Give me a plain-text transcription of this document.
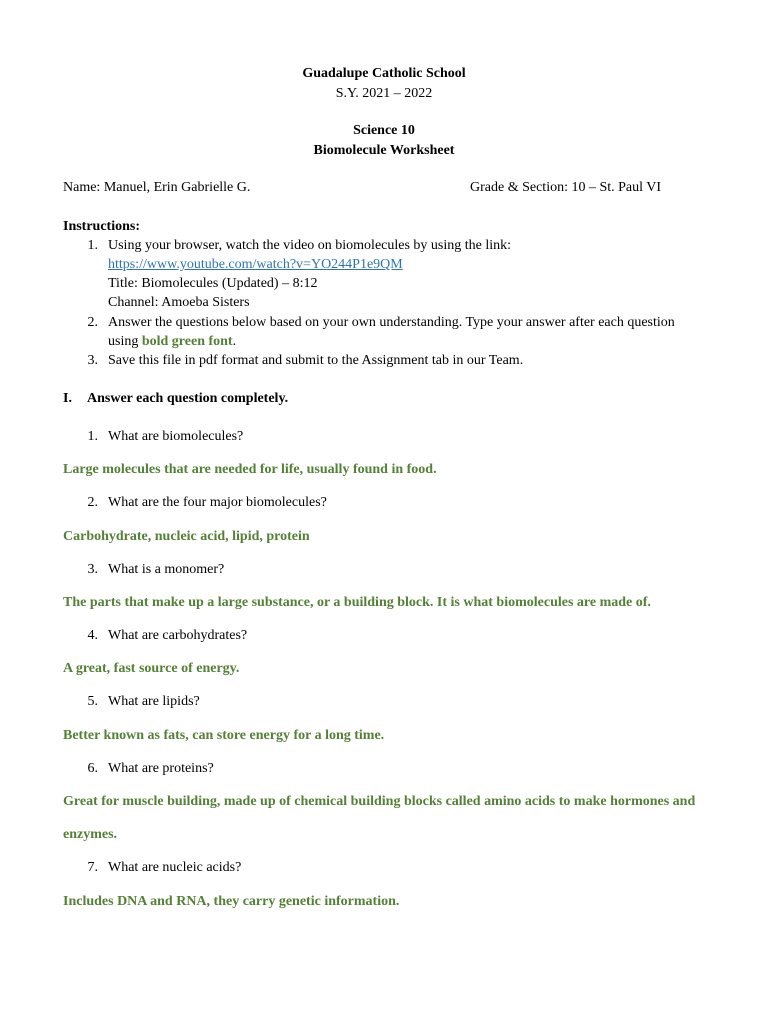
Guadalupe Catholic School
S.Y. 2021 – 2022
Science 10
Biomolecule Worksheet
Name: Manuel, Erin Gabrielle G.	Grade & Section: 10 – St. Paul VI
Instructions:
1. Using your browser, watch the video on biomolecules by using the link:
https://www.youtube.com/watch?v=YO244P1e9QM
Title: Biomolecules (Updated) – 8:12
Channel: Amoeba Sisters
2. Answer the questions below based on your own understanding. Type your answer after each question
using bold green font.
3. Save this file in pdf format and submit to the Assignment tab in our Team.
I. Answer each question completely.
1. What are biomolecules?
Large molecules that are needed for life, usually found in food.
2. What are the four major biomolecules?
Carbohydrate, nucleic acid, lipid, protein
3. What is a monomer?
The parts that make up a large substance, or a building block. It is what biomolecules are made of.
4. What are carbohydrates?
A great, fast source of energy.
5. What are lipids?
Better known as fats, can store energy for a long time.
6. What are proteins?
Great for muscle building, made up of chemical building blocks called amino acids to make hormones and
enzymes.
7. What are nucleic acids?
Includes DNA and RNA, they carry genetic information.
